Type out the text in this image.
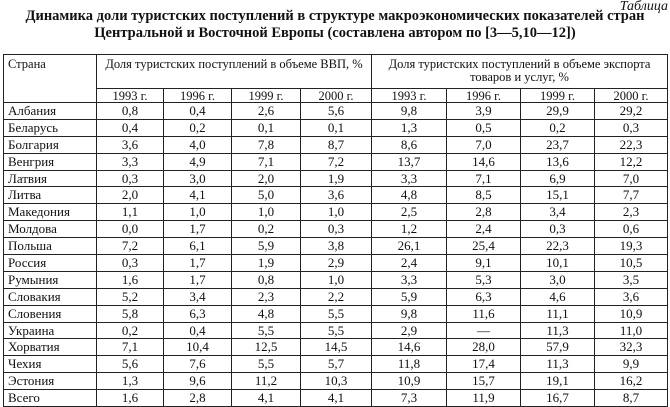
Таблица
Динамика доли туристских поступлений в структуре макроэкономических показателей стран
Центральной и Восточной Европы (составлена автором по [3—5,10—12])
Страна	Доля туристских поступлений в объеме ВВП, %				Доля туристских поступлений в объеме экспорта
товаров и услуг, %			

	1993 г.	1996 г.	1999 г.	2000 г.	1993 г.	1996 г.	1999 г.	2000 г.
Албания	0,8	0,4	2,6	5,6	9,8	3,9	29,9	29,2
Беларусь	0,4	0,2	0,1	0,1	1,3	0,5	0,2	0,3
Болгария	3,6	4,0	7,8	8,7	8,6	7,0	23,7	22,3
Венгрия	3,3	4,9	7,1	7,2	13,7	14,6	13,6	12,2
Латвия	0,3	3,0	2,0	1,9	3,3	7,1	6,9	7,0
Литва	2,0	4,1	5,0	3,6	4,8	8,5	15,1	7,7
Македония	1,1	1,0	1,0	1,0	2,5	2,8	3,4	2,3
Молдова	0,0	1,7	0,2	0,3	1,2	2,4	0,3	0,6
Польша	7,2	6,1	5,9	3,8	26,1	25,4	22,3	19,3
Россия	0,3	1,7	1,9	2,9	2,4	9,1	10,1	10,5
Румыния	1,6	1,7	0,8	1,0	3,3	5,3	3,0	3,5
Словакия	5,2	3,4	2,3	2,2	5,9	6,3	4,6	3,6
Словения	5,8	6,3	4,8	5,5	9,8	11,6	11,1	10,9
Украина	0,2	0,4	5,5	5,5	2,9	—	11,3	11,0
Хорватия	7,1	10,4	12,5	14,5	14,6	28,0	57,9	32,3
Чехия	5,6	7,6	5,5	5,7	11,8	17,4	11,3	9,9
Эстония	1,3	9,6	11,2	10,3	10,9	15,7	19,1	16,2
Всего	1,6	2,8	4,1	4,1	7,3	11,9	16,7	8,7
